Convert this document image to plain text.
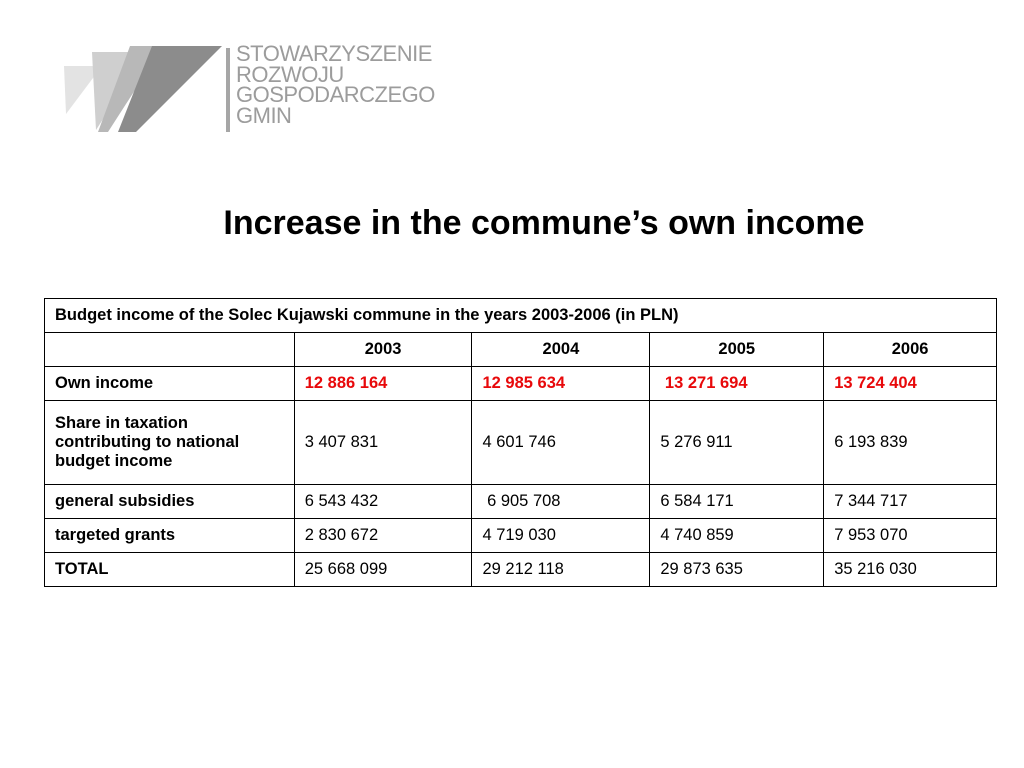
STOWARZYSZENIE
ROZWOJU
GOSPODARCZEGO
GMIN
Increase in the commune’s own income
Budget income of the Solec Kujawski commune in the years 2003-2006 (in PLN)				
	2003	2004	2005	2006
Own income	12 886 164	12 985 634	13 271 694	13 724 404
Share in taxation contributing to national budget income	3 407 831	4 601 746	5 276 911	6 193 839
general subsidies	6 543 432	6 905 708	6 584 171	7 344 717
targeted grants	2 830 672	4 719 030	4 740 859	7 953 070
TOTAL	25 668 099	29 212 118	29 873 635	35 216 030
